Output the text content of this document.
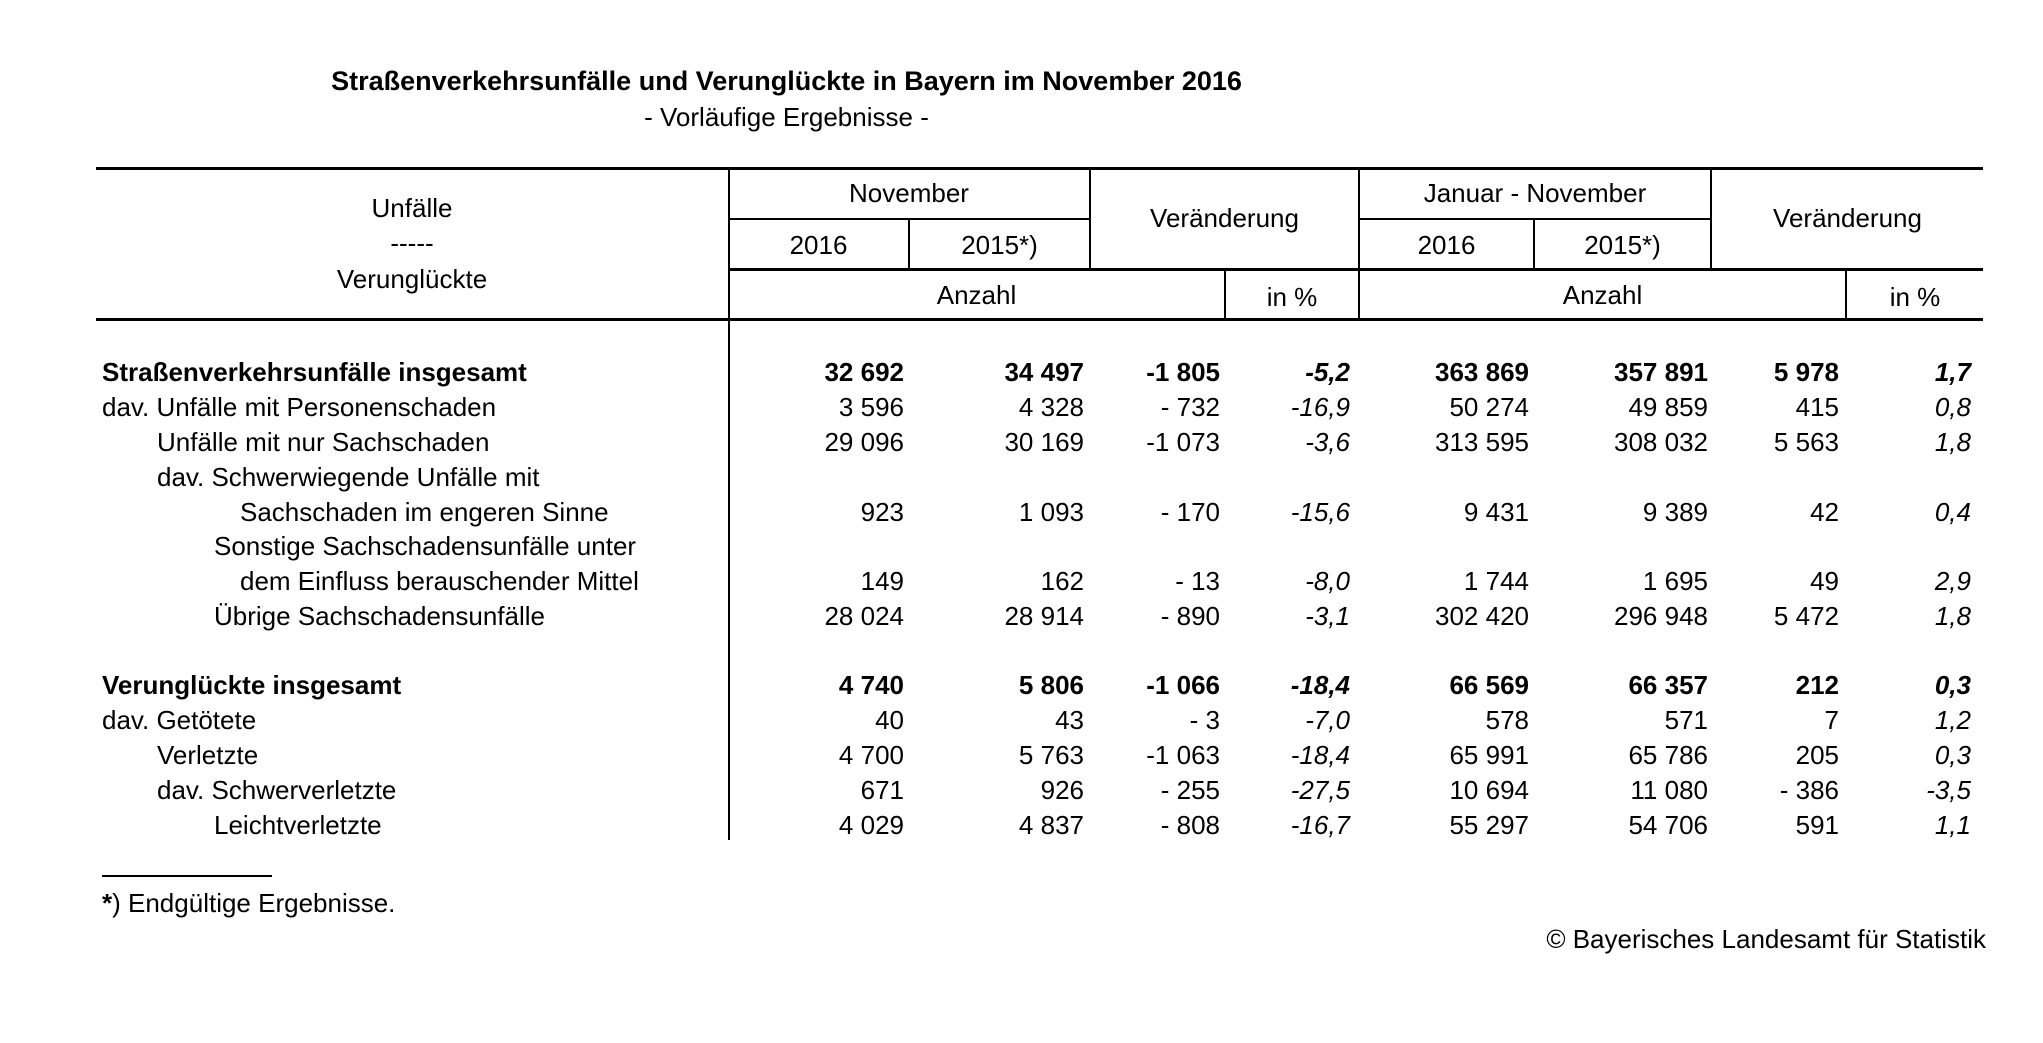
Straßenverkehrsunfälle und Verunglückte in Bayern im November 2016
- Vorläufige Ergebnisse -
Unfälle
-----
Verunglückte
November
2016	2015*)
Veränderung
Anzahl	in %
Januar - November
2016	2015*)
Veränderung
Anzahl	in %
Straßenverkehrsunfälle insgesamt	32 692	34 497	-1 805	-5,2	363 869	357 891	5 978	1,7
dav. Unfälle mit Personenschaden	3 596	4 328	- 732	-16,9	50 274	49 859	415	0,8
Unfälle mit nur Sachschaden	29 096	30 169	-1 073	-3,6	313 595	308 032	5 563	1,8
dav. Schwerwiegende Unfälle mit
Sachschaden im engeren Sinne	923	1 093	- 170	-15,6	9 431	9 389	42	0,4
Sonstige Sachschadensunfälle unter
dem Einfluss berauschender Mittel	149	162	- 13	-8,0	1 744	1 695	49	2,9
Übrige Sachschadensunfälle	28 024	28 914	- 890	-3,1	302 420	296 948	5 472	1,8
Verunglückte insgesamt	4 740	5 806	-1 066	-18,4	66 569	66 357	212	0,3
dav. Getötete	40	43	- 3	-7,0	578	571	7	1,2
Verletzte	4 700	5 763	-1 063	-18,4	65 991	65 786	205	0,3
dav. Schwerverletzte	671	926	- 255	-27,5	10 694	11 080	- 386	-3,5
Leichtverletzte	4 029	4 837	- 808	-16,7	55 297	54 706	591	1,1
*) Endgültige Ergebnisse.
© Bayerisches Landesamt für Statistik
